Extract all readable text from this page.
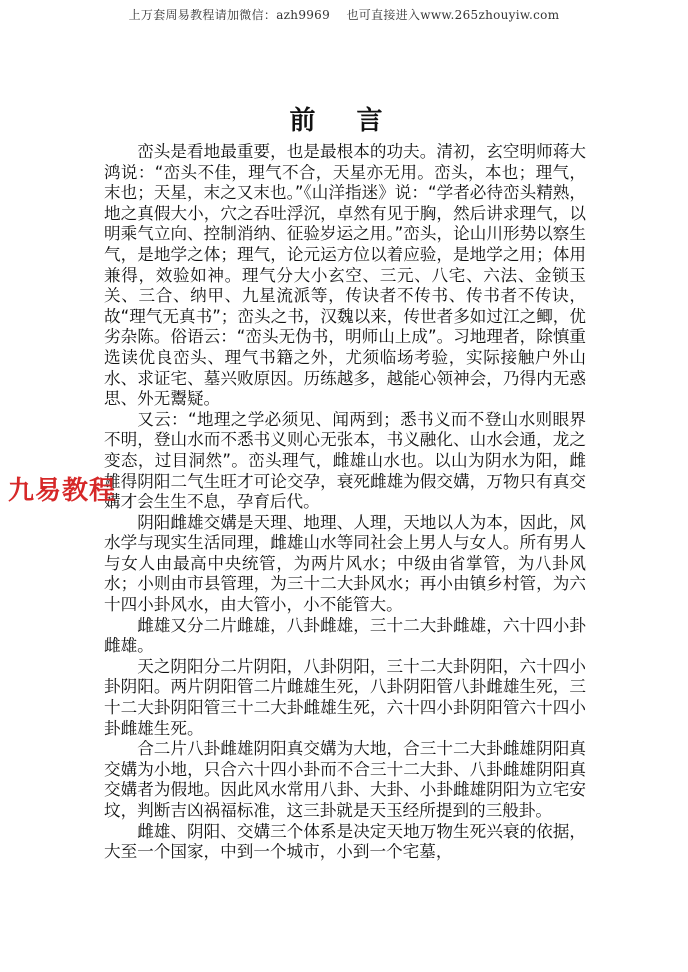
上万套周易教程请加微信：azh9969　 也可直接进入www.265zhouyiw.com
前 言

峦头是看地最重要，也是最根本的功夫。清初，玄空明师蒋大鸿说：“峦头不佳，理气不合，天星亦无用。峦头，本也；理气，末也；天星，末之又末也。”《山洋指迷》说：“学者必待峦头精熟，地之真假大小，穴之吞吐浮沉，卓然有见于胸，然后讲求理气，以明乘气立向、控制消纳、征验岁运之用。”峦头，论山川形势以察生气，是地学之体；理气，论元运方位以着应验，是地学之用；体用兼得，效验如神。理气分大小玄空、三元、八宅、六法、金锁玉关、三合、纳甲、九星流派等，传诀者不传书、传书者不传诀，故“理气无真书”；峦头之书，汉魏以来，传世者多如过江之鲫，优劣杂陈。俗语云：“峦头无伪书，明师山上成”。习地理者，除慎重选读优良峦头、理气书籍之外，尤须临场考验，实际接触户外山水、求证宅、墓兴败原因。历练越多，越能心领神会，乃得内无惑思、外无鬻疑。

又云：“地理之学必须见、闻两到；悉书义而不登山水则眼界不明，登山水而不悉书义则心无张本，书义融化、山水会通，龙之变态，过目洞然”。峦头理气，雌雄山水也。以山为阴水为阳，雌雄得阴阳二气生旺才可论交孕，衰死雌雄为假交媾，万物只有真交媾才会生生不息，孕育后代。

阴阳雌雄交媾是天理、地理、人理，天地以人为本，因此，风水学与现实生活同理，雌雄山水等同社会上男人与女人。所有男人与女人由最高中央统管，为两片风水；中级由省掌管，为八卦风水；小则由市县管理，为三十二大卦风水；再小由镇乡村管，为六十四小卦风水，由大管小，小不能管大。

雌雄又分二片雌雄，八卦雌雄，三十二大卦雌雄，六十四小卦雌雄。

天之阴阳分二片阴阳，八卦阴阳，三十二大卦阴阳，六十四小卦阴阳。两片阴阳管二片雌雄生死，八卦阴阳管八卦雌雄生死，三十二大卦阴阳管三十二大卦雌雄生死，六十四小卦阴阳管六十四小卦雌雄生死。

合二片八卦雌雄阴阳真交媾为大地，合三十二大卦雌雄阴阳真交媾为小地，只合六十四小卦而不合三十二大卦、八卦雌雄阴阳真交媾者为假地。因此风水常用八卦、大卦、小卦雌雄阴阳为立宅安坟，判断吉凶祸福标准，这三卦就是天玉经所提到的三般卦。

雌雄、阴阳、交媾三个体系是决定天地万物生死兴衰的依据，大至一个国家，中到一个城市，小到一个宅墓，

九易教程
